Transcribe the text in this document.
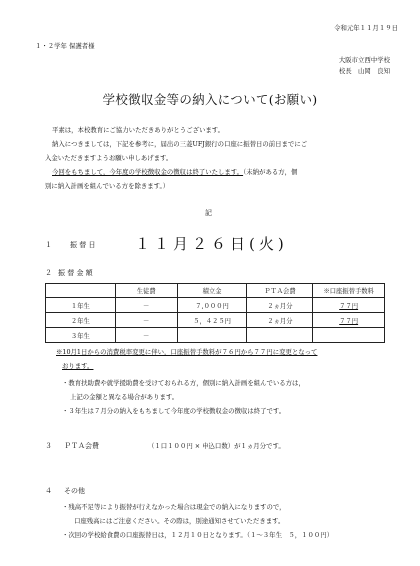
令和元年１１月１９日
１・２学年 保護者様
大阪市立西中学校
校長　山岡　良知
学校徴収金等の納入について(お願い)
平素は，本校教育にご協力いただきありがとうございます。
納入につきましては，下記を参考に，届出の三菱UFJ銀行の口座に振替日の前日までにご
入金いただきますようお願い申しあげます。
今回をもちまして，今年度の学校徴収金の徴収は終了いたします。（未納がある方，個
別に納入計画を組んでいる方を除きます。）
記
１	振 替 日	１１月２６日(火)
２ 振 替 金 額
	生徒費	積立金	ＰＴＡ会費	※口座振替手数料
１年生	－	７,０００円	２ヵ月分	７７円
２年生	－	５，４２５円	２ヵ月分	７７円
３年生	－			
※10月1日からの消費税率変更に伴い，口座振替手数料が７６円から７７円に変更となって
おります。
・教育扶助費や就学援助費を受けておられる方，個別に納入計画を組んでいる方は，
上記の金額と異なる場合があります。
・３年生は７月分の納入をもちまして今年度の学校徴収金の徴収は終了です。
３ ＰＴＡ会費	（１口１００円 × 申込口数）が１ヵ月分です。
４ その他
・残高不足等により振替が行えなかった場合は現金での納入になりますので，
口座残高にはご注意ください。その際は，別途通知させていただきます。
・次回の学校給食費の口座振替日は，１２月１０日となります。（１～３年生　５，１００円）
